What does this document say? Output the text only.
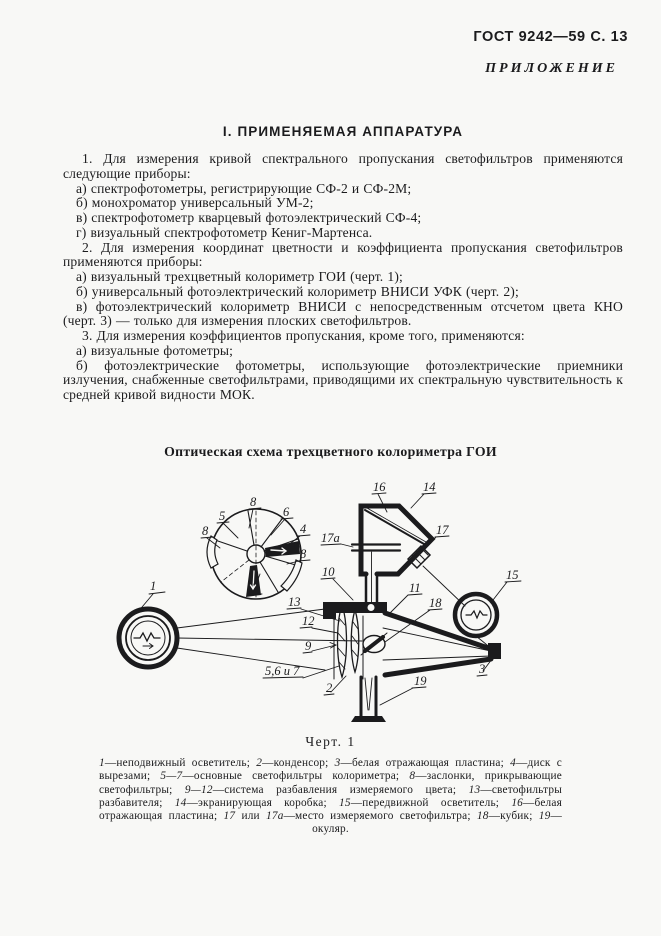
ГОСТ 9242—59 С. 13
ПРИЛОЖЕНИЕ
I. ПРИМЕНЯЕМАЯ АППАРАТУРА

1. Для измерения кривой спектрального пропускания светофильтров применяются следующие приборы:

а) спектрофотометры, регистрирующие СФ-2 и СФ-2М;

б) монохроматор универсальный УМ-2;

в) спектрофотометр кварцевый фотоэлектрический СФ-4;

г) визуальный спектрофотометр Кениг-Мартенса.

2. Для измерения координат цветности и коэффициента пропускания светофильтров применяются приборы:

а) визуальный трехцветный колориметр ГОИ (черт. 1);

б) универсальный фотоэлектрический колориметр ВНИСИ УФК (черт. 2);

в) фотоэлектрический колориметр ВНИСИ с непосредственным отсчетом цвета КНО (черт. 3) — только для измерения плоских светофильтров.

3. Для измерения коэффициентов пропускания, кроме того, применяются:

а) визуальные фотометры;

б) фотоэлектрические фотометры, использующие фотоэлектрические приемники излучения, снабженные светофильтрами, приводящими их спектральную чувствительность к средней кривой видности МОК.

Оптическая схема трехцветного колориметра ГОИ
1
8
5
8
6
4
8
7
16	14
17а
17
10
11
13
12
9
5,6 и 7
2
18
15
3
19
Черт. 1
1—неподвижный осветитель; 2—конденсор; 3—белая отражающая пластина; 4—диск с вырезами; 5—7—основные светофильтры колориметра; 8—заслонки, прикрывающие светофильтры; 9—12—система разбавления измеряемого цвета; 13—светофильтры разбавителя; 14—экранирующая коробка; 15—передвижной осветитель; 16—белая отражающая пластина; 17 или 17а—место измеряемого светофильтра; 18—кубик; 19—окуляр.
